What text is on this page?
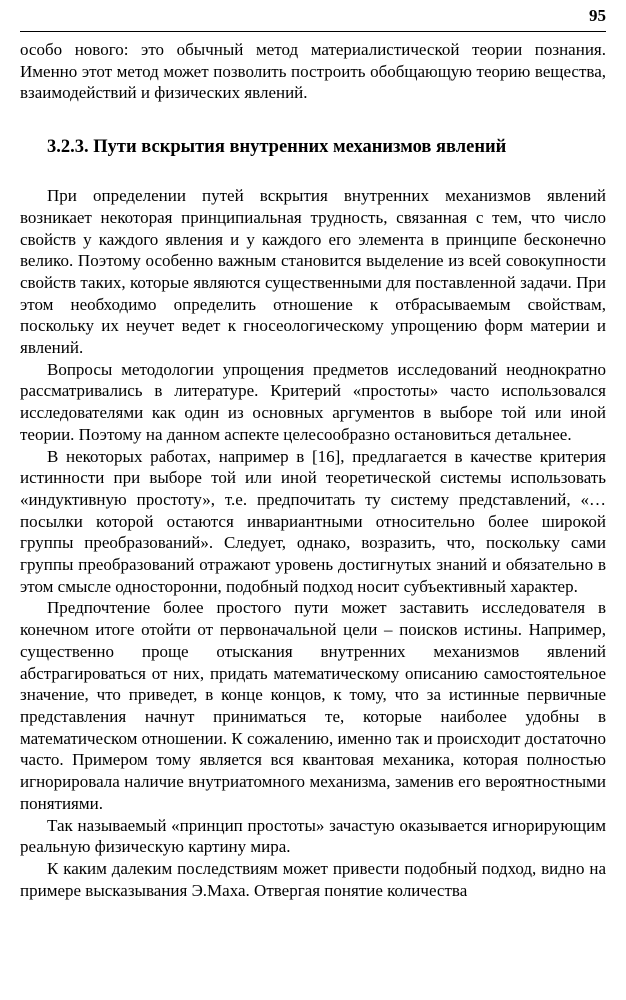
95

особо нового: это обычный метод материалистической теории познания. Именно этот метод может позволить построить обобщающую теорию вещества, взаимодействий и физических явлений.

3.2.3. Пути вскрытия внутренних механизмов явлений

При определении путей вскрытия внутренних механизмов явлений возникает некоторая принципиальная трудность, связанная с тем, что число свойств у каждого явления и у каждого его элемента в принципе бесконечно велико. Поэтому особенно важным становится выделение из всей совокупности свойств таких, которые являются существенными для поставленной задачи. При этом необходимо определить отношение к отбрасываемым свойствам, поскольку их неучет ведет к гносеологическому упрощению форм материи и явлений.

Вопросы методологии упрощения предметов исследований неоднократно рассматривались в литературе. Критерий «простоты» часто использовался исследователями как один из основных аргументов в выборе той или иной теории. Поэтому на данном аспекте целесообразно остановиться детальнее.

В некоторых работах, например в [16], предлагается в качестве критерия истинности при выборе той или иной теоретической системы использовать «индуктивную простоту», т.е. предпочитать ту систему представлений, «…посылки которой остаются инвариантными относительно более широкой группы преобразований». Следует, однако, возразить, что, поскольку сами группы преобразований отражают уровень достигнутых знаний и обязательно в этом смысле односторонни, подобный подход носит субъективный характер.

Предпочтение более простого пути может заставить исследователя в конечном итоге отойти от первоначальной цели – поисков истины. Например, существенно проще отыскания внутренних механизмов явлений абстрагироваться от них, придать математическому описанию самостоятельное значение, что приведет, в конце концов, к тому, что за истинные первичные представления начнут приниматься те, которые наиболее удобны в математическом отношении. К сожалению, именно так и происходит достаточно часто. Примером тому является вся квантовая механика, которая полностью игнорировала наличие внутриатомного механизма, заменив его вероятностными понятиями.

Так называемый «принцип простоты» зачастую оказывается игнорирующим реальную физическую картину мира.

К каким далеким последствиям может привести подобный подход, видно на примере высказывания Э.Маха. Отвергая понятие количества
